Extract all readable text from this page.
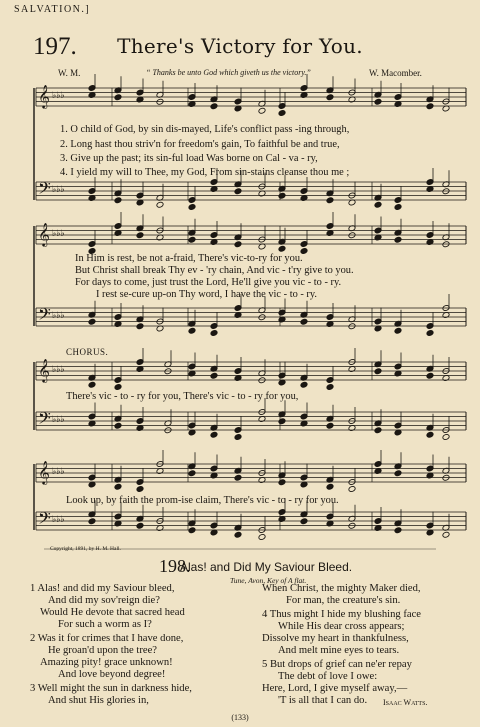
𝄞 ♭♭♭
𝄢 ♭♭♭
𝄞 ♭♭♭
𝄢 ♭♭♭
𝄞 ♭♭♭
𝄢 ♭♭♭
𝄞 ♭♭♭
𝄢 ♭♭♭
SALVATION.]
197.	There's Victory for You.
W. M.	“ Thanks be unto God which giveth us the victory.”	W. Macomber.
1. O child of God, by sin dis-mayed, Life's conflict pass -ing through,
2. Long hast thou striv'n for freedom's gain, To faithful be and true,
3. Give up the past; its sin-ful load Was borne on Cal - va - ry,
4. I yield my will to Thee, my God, From sin-stains cleanse thou me ;
In Him is rest, be not a-fraid, There's vic-to-ry for you.
But Christ shall break Thy ev - 'ry chain, And vic - t'ry give to you.
For days to come, just trust the Lord, He'll give you vic - to - ry.
I rest se-cure up-on Thy word, I have the vic - to - ry.
CHORUS.
There's vic - to - ry for you, There's vic - to - ry for you,
Look up, by faith the prom-ise claim, There's vic - to - ry for you.
Copyright, 1891, by H. M. Hall.
198.
Alas! and Did My Saviour Bleed.
Tune, Avon, Key of A flat.
1 Alas! and did my Saviour bleed,
And did my sov'reign die?
Would He devote that sacred head
For such a worm as I?
2 Was it for crimes that I have done,
He groan'd upon the tree?
Amazing pity! grace unknown!
And love beyond degree!
3 Well might the sun in darkness hide,
And shut His glories in,
When Christ, the mighty Maker died,
For man, the creature's sin.
4 Thus might I hide my blushing face
While His dear cross appears;
Dissolve my heart in thankfulness,
And melt mine eyes to tears.
5 But drops of grief can ne'er repay
The debt of love I owe:
Here, Lord, I give myself away,—
'T is all that I can do. Isaac Watts.
(133)
